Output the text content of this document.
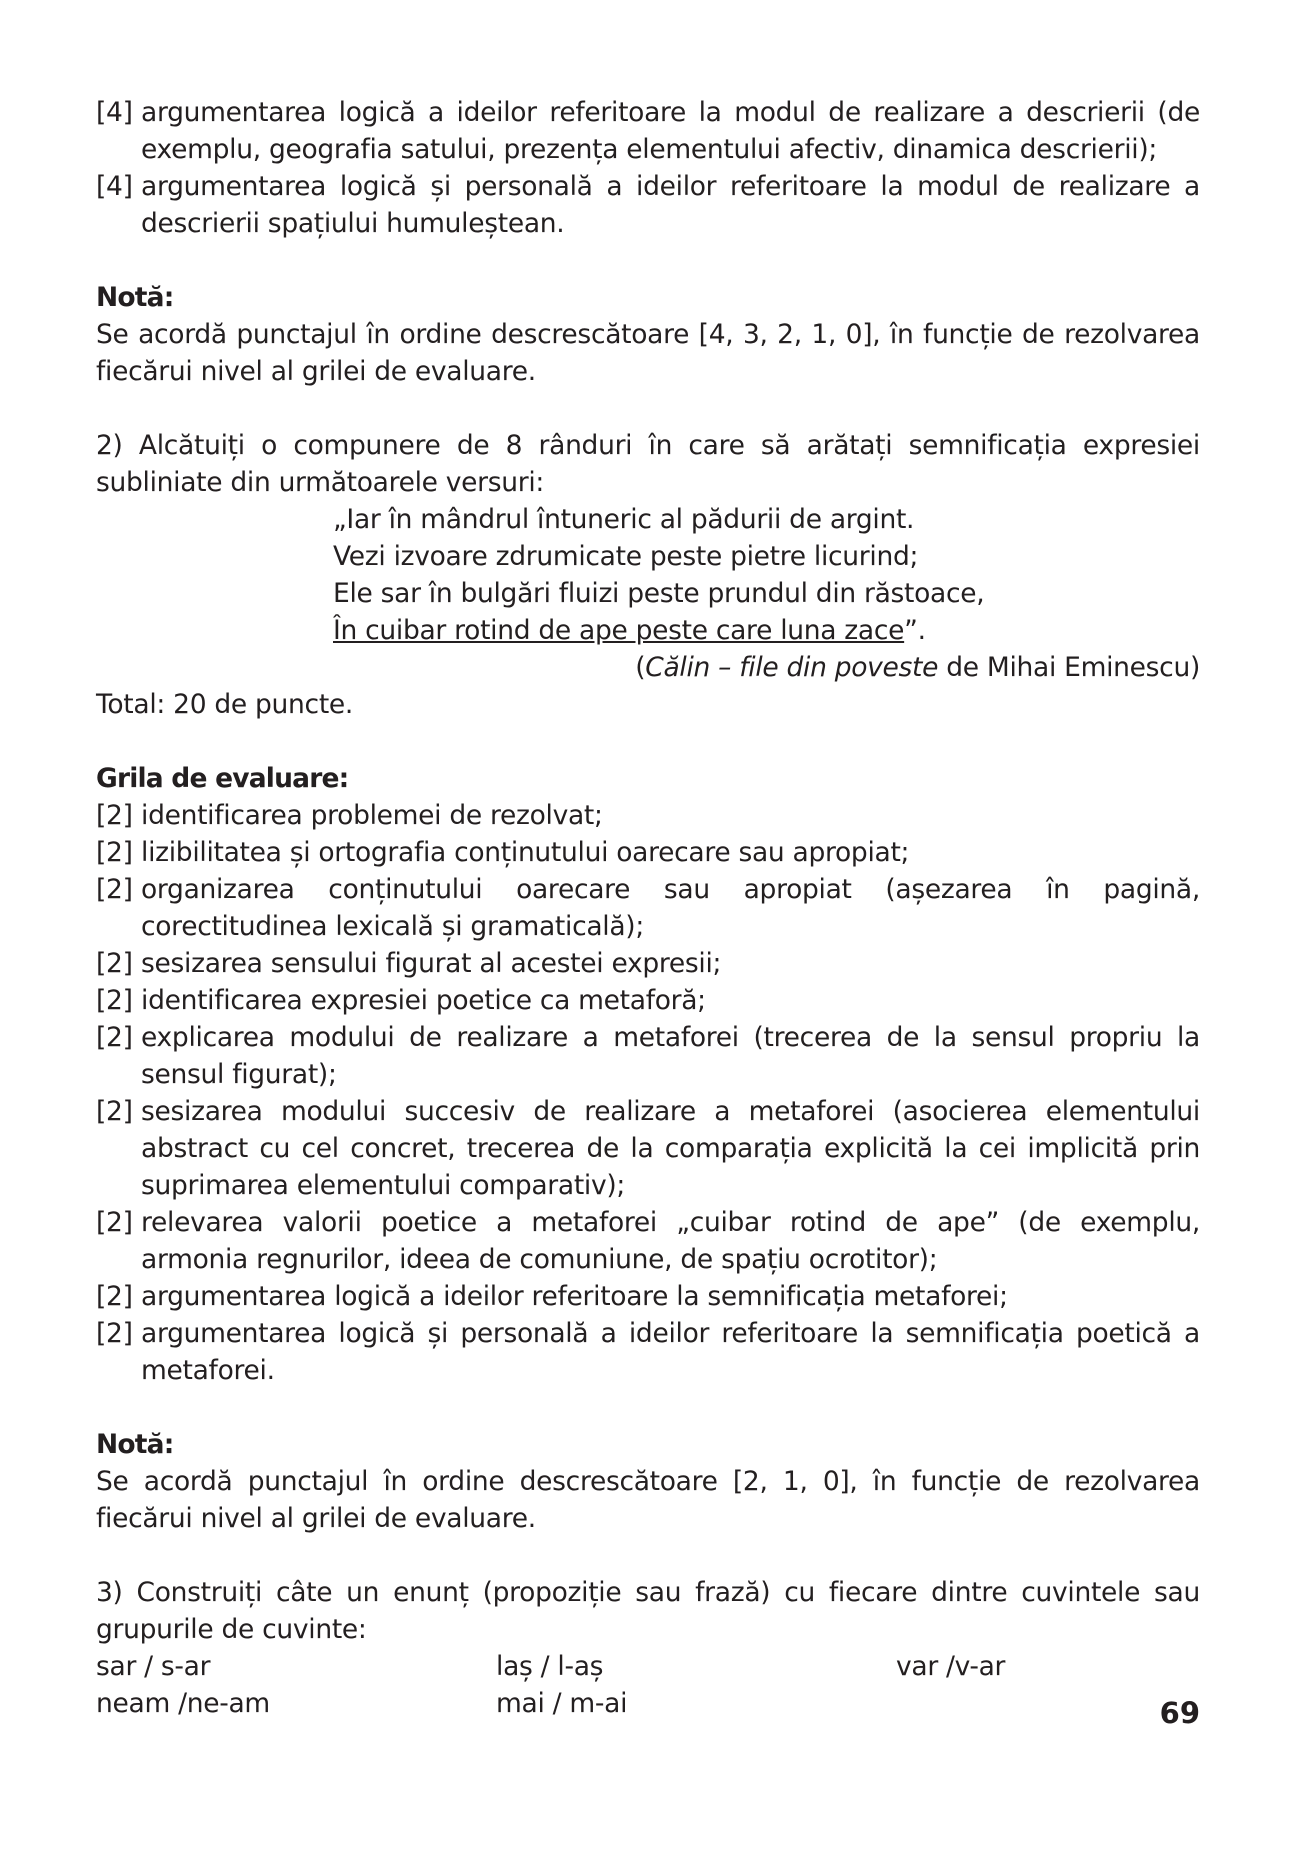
[4] argumentarea logică a ideilor referitoare la modul de realizare a descrierii (de exemplu, geografia satului, prezența elementului afectiv, dinamica descrierii);
[4] argumentarea logică și personală a ideilor referitoare la modul de realizare a descrierii spațiului humuleștean.
Notă:

Se acordă punctajul în ordine descrescătoare [4, 3, 2, 1, 0], în funcție de rezolvarea fiecărui nivel al grilei de evaluare.

2) Alcătuiți o compunere de 8 rânduri în care să arătați semnificația expresiei subliniate din următoarele versuri:

„Iar în mândrul întuneric al pădurii de argint.
Vezi izvoare zdrumicate peste pietre licurind;
Ele sar în bulgări fluizi peste prundul din răstoace,
În cuibar rotind de ape peste care luna zace”.
(Călin – file din poveste de Mihai Eminescu)

Total: 20 de puncte.

Grila de evaluare:
[2] identificarea problemei de rezolvat;
[2] lizibilitatea și ortografia conținutului oarecare sau apropiat;
[2] organizarea conținutului oarecare sau apropiat (așezarea în pagină, corectitudinea lexicală și gramaticală);
[2] sesizarea sensului figurat al acestei expresii;
[2] identificarea expresiei poetice ca metaforă;
[2] explicarea modului de realizare a metaforei (trecerea de la sensul propriu la sensul figurat);
[2] sesizarea modului succesiv de realizare a metaforei (asocierea elementului abstract cu cel concret, trecerea de la comparația explicită la cei implicită prin suprimarea elementului comparativ);
[2] relevarea valorii poetice a metaforei „cuibar rotind de ape” (de exemplu, armonia regnurilor, ideea de comuniune, de spațiu ocrotitor);
[2] argumentarea logică a ideilor referitoare la semnificația metaforei;
[2] argumentarea logică și personală a ideilor referitoare la semnificația poetică a metaforei.
Notă:

Se acordă punctajul în ordine descrescătoare [2, 1, 0], în funcție de rezolvarea fiecărui nivel al grilei de evaluare.

3) Construiți câte un enunț (propoziție sau frază) cu fiecare dintre cuvintele sau grupurile de cuvinte:

sar / s-ar	laș / l-aș	var /v-ar
neam /ne-am	mai / m-ai	69
